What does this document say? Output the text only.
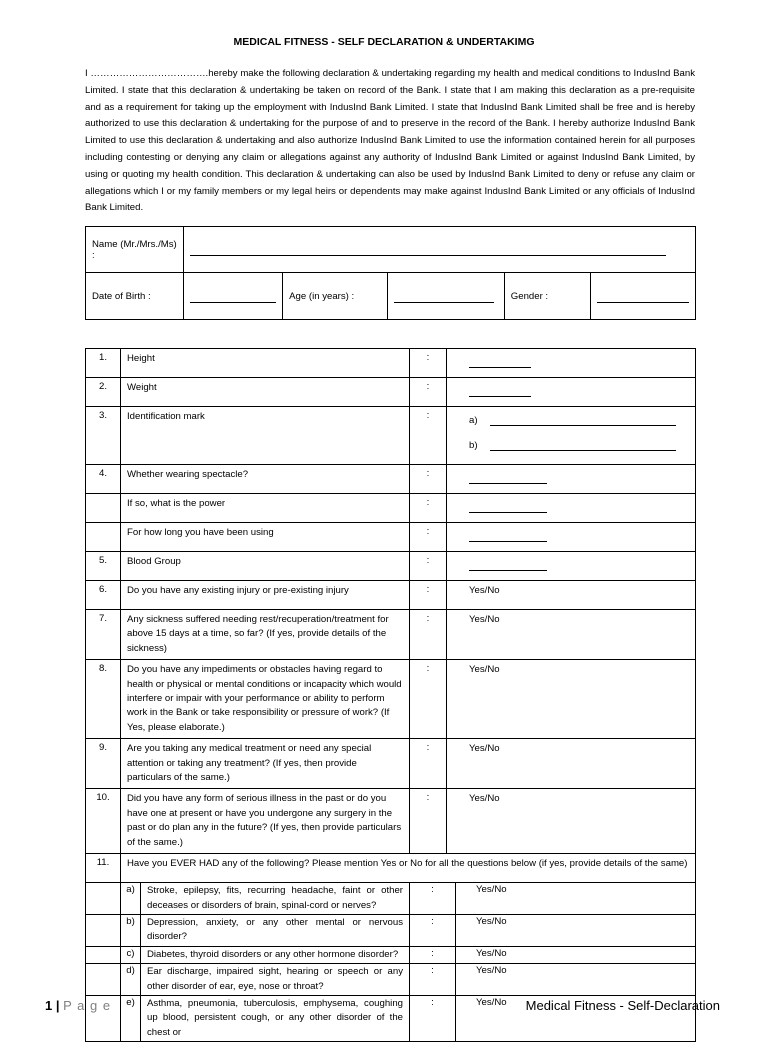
MEDICAL FITNESS - SELF DECLARATION & UNDERTAKIMG

I ……………………………….hereby make the following declaration & undertaking regarding my health and medical conditions to IndusInd Bank Limited. I state that this declaration & undertaking be taken on record of the Bank. I state that I am making this declaration as a pre-requisite and as a requirement for taking up the employment with IndusInd Bank Limited. I state that IndusInd Bank Limited shall be free and is hereby authorized to use this declaration & undertaking for the purpose of and to preserve in the record of the Bank. I hereby authorize IndusInd Bank Limited to use this declaration & undertaking and also authorize IndusInd Bank Limited to use the information contained herein for all purposes including contesting or denying any claim or allegations against any authority of IndusInd Bank Limited or against IndusInd Bank Limited, by using or quoting my health condition. This declaration & undertaking can also be used by IndusInd Bank Limited to deny or refuse any claim or allegations which I or my family members or my legal heirs or dependents may make against IndusInd Bank Limited or any officials of IndusInd Bank Limited.

Name (Mr./Mrs./Ms) :					
Date of Birth :		Age (in years) :		Gender :	
1.	Height		:		

2.	Weight		:		

3.	Identification mark		:	a)
b)	

4.	Whether wearing spectacle?		:		

	If so, what is the power		:		

	For how long you have been using		:		

5.	Blood Group		:		

6.	Do you have any existing injury or pre-existing injury		:	Yes/No	
7.	Any sickness suffered needing rest/recuperation/treatment for above 15 days at a time, so far? (If yes, provide details of the sickness)		:	Yes/No	
8.	Do you have any impediments or obstacles having regard to health or physical or mental conditions or incapacity which would interfere or impair with your performance or ability to perform work in the Bank or take responsibility or pressure of work? (If Yes, please elaborate.)		:	Yes/No	
9.	Are you taking any medical treatment or need any special attention or taking any treatment? (If yes, then provide particulars of the same.)		:	Yes/No	
10.	Did you have any form of serious illness in the past or do you have one at present or have you undergone any surgery in the past or do plan any in the future? (If yes, then provide particulars of the same.)		:	Yes/No	
11.	Have you EVER HAD any of the following? Please mention Yes or No for all the questions below (if yes, provide details of the same)				
	a)	Stroke, epilepsy, fits, recurring headache, faint or other deceases or disorders of brain, spinal-cord or nerves?	:		Yes/No
	b)	Depression, anxiety, or any other mental or nervous disorder?	:		Yes/No
	c)	Diabetes, thyroid disorders or any other hormone disorder?	:		Yes/No
	d)	Ear discharge, impaired sight, hearing or speech or any other disorder of ear, eye, nose or throat?	:		Yes/No
	e)	Asthma, pneumonia, tuberculosis, emphysema, coughing up blood, persistent cough, or any other disorder of the chest or	:		Yes/No
1 | P a g e	Medical Fitness - Self-Declaration
